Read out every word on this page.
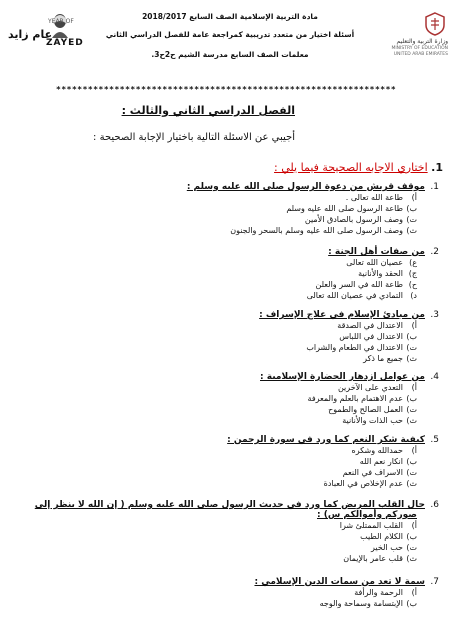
YEAR OF
عام زايد
ZAYED

مادة التربية الإسلامية الصف السابع 2018/2017

أسئلة اختيار من متعدد تدريبية كمراجعة عامة للفصل الدراسي الثاني

معلمات الصف السابع مدرسة الشيم ح2ح3.

وزارة التربية والتعليم
MINISTRY OF EDUCATION
UNITED ARAB EMIRATES
****************************************************************
الفصل الدراسي الثاني والثالث :
أجيبي عن الاسئلة التالية باختيار الإجابة الصحيحة :
1. اختاري الاجابه الصحيحة فيما يلي :
1.موقف قريش من دعوة الرسول صلى الله عليه وسلم :
أ)طاعة الله تعالى .
ب)طاعة الرسول صلى الله عليه وسلم
ت)وصف الرسول بالصادق الأمين
ث)وصف الرسول صلى الله عليه وسلم بالسحر والجنون
2.من صفات أهل الجنة :
ع)عصيان الله تعالى
ج)الحقد والأنانية
ح)طاعة الله في السر والعلن
د)التمادي في عصيان الله تعالى
3.من مبادئ الإسلام في علاج الإسراف :
أ)الاعتدال في الصدقة
ب)الاعتدال في اللباس
ت)الاعتدال في الطعام والشراب
ث)جميع ما ذكر
4.من عوامل ازدهار الحضارة الإسلامية :
أ)التعدي على الآخرين
ب)عدم الاهتمام بالعلم والمعرفة
ت)العمل الصالح والطموح
ث)حب الذات والأنانية
5.كيفية شكر النعم كما ورد في سورة الرحمن :
أ)حمدالله وشكره
ب)انكار نعم الله
ت)الاسراف في النعم
ث)عدم الإخلاص في العبادة
6.حال القلب المريض كما ورد في حديث الرسول صلى الله عليه وسلم ( إن الله لا ينظر إلى
صوركم وأموالكم س) :
أ)القلب الممتلئ شرا
ب)الكلام الطيب
ت)حب الخير
ث)قلب عامر بالإيمان
7.سمة لا تعد من سمات الدين الإسلامي :
أ)الرحمة والرأفة
ب)الإبتسامة وسماحة والوجه
